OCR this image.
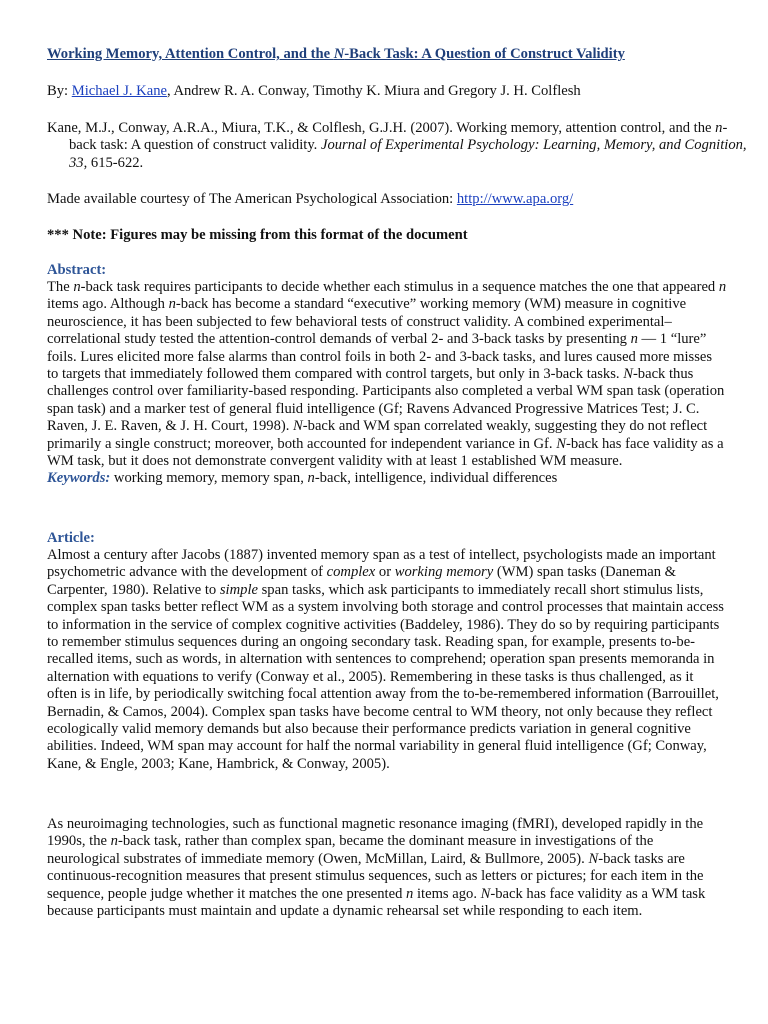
Working Memory, Attention Control, and the N-Back Task: A Question of Construct Validity
By: Michael J. Kane, Andrew R. A. Conway, Timothy K. Miura and Gregory J. H. Colflesh

Kane, M.J., Conway, A.R.A., Miura, T.K., & Colflesh, G.J.H. (2007). Working memory, attention control, and the n-back task: A question of construct validity. Journal of Experimental Psychology: Learning, Memory, and Cognition, 33, 615-622.

Made available courtesy of The American Psychological Association: http://www.apa.org/
*** Note: Figures may be missing from this format of the document
Abstract:

The n-back task requires participants to decide whether each stimulus in a sequence matches the one that appeared n items ago. Although n-back has become a standard “executive” working memory (WM) measure in cognitive neuroscience, it has been subjected to few behavioral tests of construct validity. A combined experimental–correlational study tested the attention-control demands of verbal 2- and 3-back tasks by presenting n — 1 “lure” foils. Lures elicited more false alarms than control foils in both 2- and 3-back tasks, and lures caused more misses to targets that immediately followed them compared with control targets, but only in 3-back tasks. N-back thus challenges control over familiarity-based responding. Participants also completed a verbal WM span task (operation span task) and a marker test of general fluid intelligence (Gf; Ravens Advanced Progressive Matrices Test; J. C. Raven, J. E. Raven, & J. H. Court, 1998). N-back and WM span correlated weakly, suggesting they do not reflect primarily a single construct; moreover, both accounted for independent variance in Gf. N-back has face validity as a WM task, but it does not demonstrate convergent validity with at least 1 established WM measure.
Keywords: working memory, memory span, n-back, intelligence, individual differences

Article:

Almost a century after Jacobs (1887) invented memory span as a test of intellect, psychologists made an important psychometric advance with the development of complex or working memory (WM) span tasks (Daneman & Carpenter, 1980). Relative to simple span tasks, which ask participants to immediately recall short stimulus lists, complex span tasks better reflect WM as a system involving both storage and control processes that maintain access to information in the service of complex cognitive activities (Baddeley, 1986). They do so by requiring participants to remember stimulus sequences during an ongoing secondary task. Reading span, for example, presents to-be-recalled items, such as words, in alternation with sentences to comprehend; operation span presents memoranda in alternation with equations to verify (Conway et al., 2005). Remembering in these tasks is thus challenged, as it often is in life, by periodically switching focal attention away from the to-be-remembered information (Barrouillet, Bernadin, & Camos, 2004). Complex span tasks have become central to WM theory, not only because they reflect ecologically valid memory demands but also because their performance predicts variation in general cognitive abilities. Indeed, WM span may account for half the normal variability in general fluid intelligence (Gf; Conway, Kane, & Engle, 2003; Kane, Hambrick, & Conway, 2005).

As neuroimaging technologies, such as functional magnetic resonance imaging (fMRI), developed rapidly in the 1990s, the n-back task, rather than complex span, became the dominant measure in investigations of the neurological substrates of immediate memory (Owen, McMillan, Laird, & Bullmore, 2005). N-back tasks are continuous-recognition measures that present stimulus sequences, such as letters or pictures; for each item in the sequence, people judge whether it matches the one presented n items ago. N-back has face validity as a WM task because participants must maintain and update a dynamic rehearsal set while responding to each item.
